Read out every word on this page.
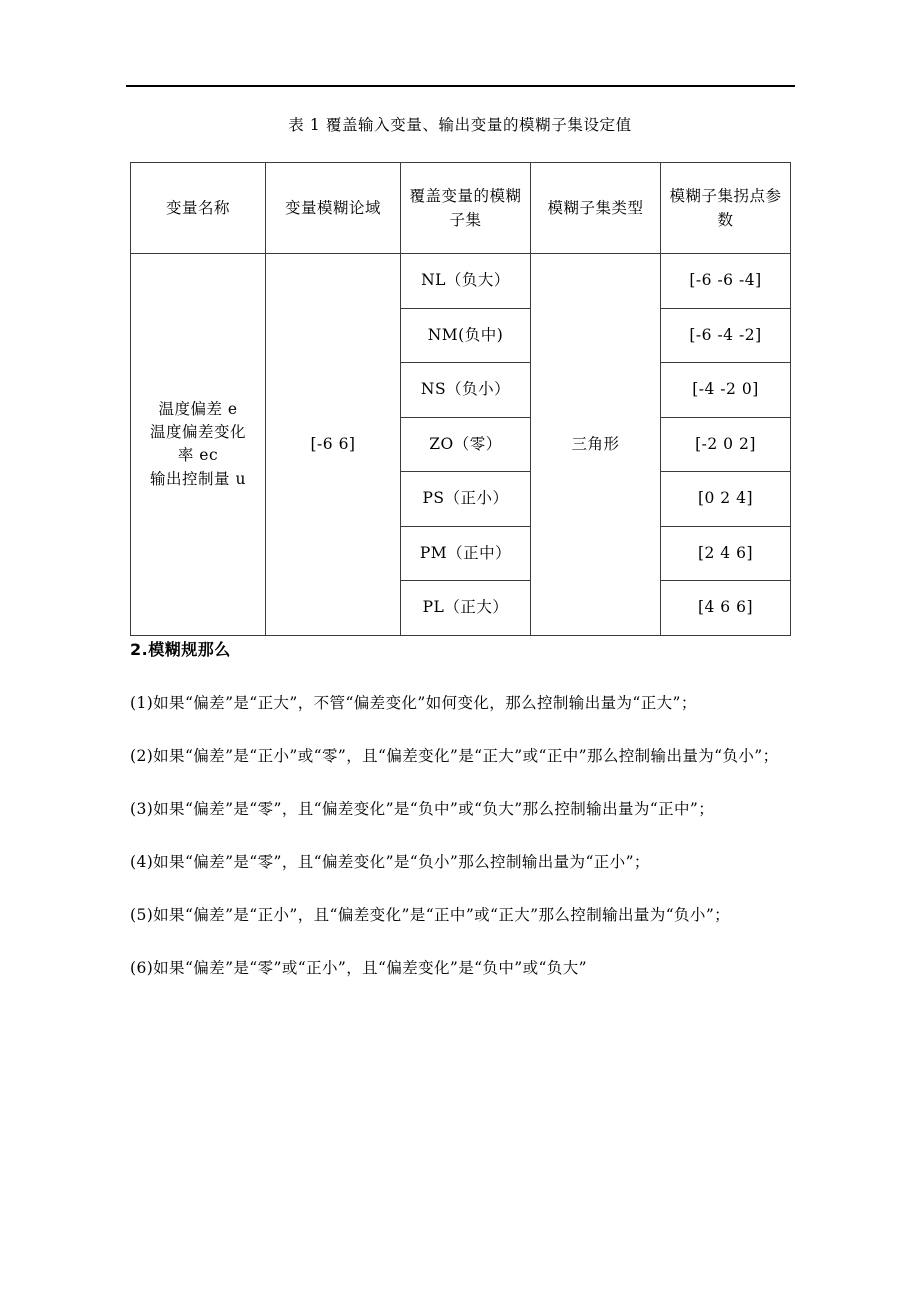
表 1 覆盖输入变量、输出变量的模糊子集设定值
变量名称	变量模糊论域	覆盖变量的模糊子集	模糊子集类型	模糊子集拐点参数

温度偏差 e
温度偏差变化
率 ec
输出控制量 u	[-6 6]	NL（负大）	三角形	[-6 -6 -4]
		NM(负中)		[-6 -4 -2]
		NS（负小）		[-4 -2 0]
		ZO（零）		[-2 0 2]
		PS（正小）		[0 2 4]
		PM（正中）		[2 4 6]
		PL（正大）		[4 6 6]
2.模糊规那么

(1)如果“偏差”是“正大”，不管“偏差变化”如何变化，那么控制输出量为“正大”；

(2)如果“偏差”是“正小”或“零”，且“偏差变化”是“正大”或“正中”那么控制输出量为“负小”；

(3)如果“偏差”是“零”，且“偏差变化”是“负中”或“负大”那么控制输出量为“正中”；

(4)如果“偏差”是“零”，且“偏差变化”是“负小”那么控制输出量为“正小”；

(5)如果“偏差”是“正小”，且“偏差变化”是“正中”或“正大”那么控制输出量为“负小”；

(6)如果“偏差”是“零”或“正小”，且“偏差变化”是“负中”或“负大”
